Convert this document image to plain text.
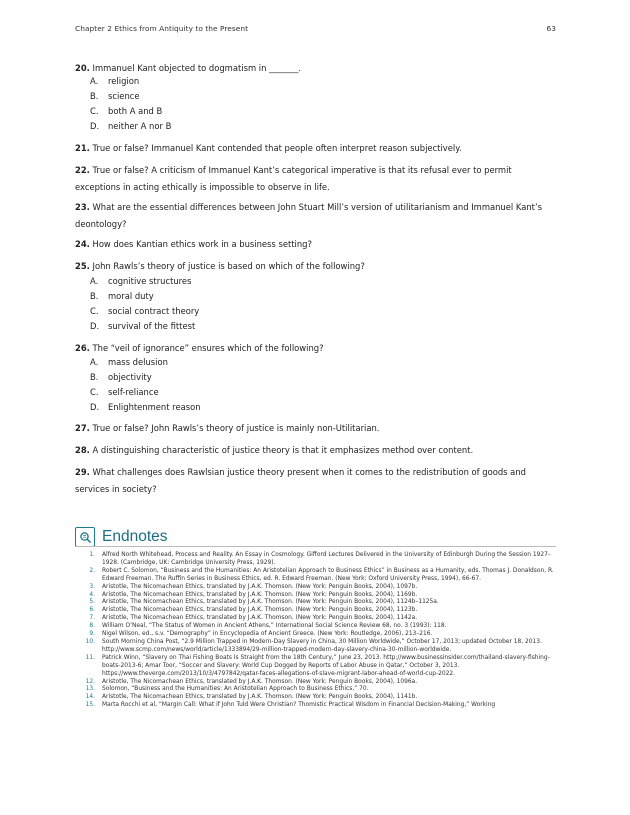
Chapter 2 Ethics from Antiquity to the Present	63
20. Immanuel Kant objected to dogmatism in _______.
A. religion
B. science
C. both A and B
D. neither A nor B
21. True or false? Immanuel Kant contended that people often interpret reason subjectively.
22. True or false? A criticism of Immanuel Kant’s categorical imperative is that its refusal ever to permit exceptions in acting ethically is impossible to observe in life.
23. What are the essential differences between John Stuart Mill’s version of utilitarianism and Immanuel Kant’s deontology?
24. How does Kantian ethics work in a business setting?
25. John Rawls’s theory of justice is based on which of the following?
A. cognitive structures
B. moral duty
C. social contract theory
D. survival of the fittest
26. The “veil of ignorance” ensures which of the following?
A. mass delusion
B. objectivity
C. self-reliance
D. Enlightenment reason
27. True or false? John Rawls’s theory of justice is mainly non-Utilitarian.
28. A distinguishing characteristic of justice theory is that it emphasizes method over content.
29. What challenges does Rawlsian justice theory present when it comes to the redistribution of goods and services in society?
Endnotes
1.	Alfred North Whitehead, Process and Reality. An Essay in Cosmology. Gifford Lectures Delivered in the University of Edinburgh During the Session 1927–1928. (Cambridge, UK: Cambridge University Press, 1929).
2.	Robert C. Solomon, “Business and the Humanities: An Aristotelian Approach to Business Ethics” in Business as a Humanity, eds. Thomas J. Donaldson, R. Edward Freeman. The Ruffin Series in Business Ethics, ed. R. Edward Freeman. (New York: Oxford University Press, 1994), 66-67.
3.	Aristotle, The Nicomachean Ethics, translated by J.A.K. Thomson. (New York: Penguin Books, 2004), 1097b.
4.	Aristotle, The Nicomachean Ethics, translated by J.A.K. Thomson. (New York: Penguin Books, 2004), 1169b.
5.	Aristotle, The Nicomachean Ethics, translated by J.A.K. Thomson. (New York: Penguin Books, 2004), 1124b–1125a.
6.	Aristotle, The Nicomachean Ethics, translated by J.A.K. Thomson. (New York: Penguin Books, 2004), 1123b.
7.	Aristotle, The Nicomachean Ethics, translated by J.A.K. Thomson. (New York: Penguin Books, 2004), 1142a.
8.	William O’Neal, “The Status of Women in Ancient Athens,” International Social Science Review 68, no. 3 (1993): 118.
9.	Nigel Wilson, ed., s.v. “Demography” in Encyclopedia of Ancient Greece. (New York: Routledge, 2006), 213–216.
10.	South Morning China Post, “2.9 Million Trapped in Modern-Day Slavery in China, 30 Million Worldwide,” October 17, 2013; updated October 18, 2013. http://www.scmp.com/news/world/article/1333894/29-million-trapped-modern-day-slavery-china-30-million-worldwide.
11.	Patrick Winn, “Slavery on Thai Fishing Boats Is Straight from the 18th Century,” June 23, 2013. http://www.businessinsider.com/thailand-slavery-fishing-boats-2013-6; Amar Toor, “Soccer and Slavery: World Cup Dogged by Reports of Labor Abuse in Qatar,” October 3, 2013. https://www.theverge.com/2013/10/3/4797842/qatar-faces-allegations-of-slave-migrant-labor-ahead-of-world-cup-2022.
12.	Aristotle, The Nicomachean Ethics, translated by J.A.K. Thomson. (New York: Penguin Books, 2004), 1096a.
13.	Solomon, “Business and the Humanities: An Aristotelian Approach to Business Ethics,” 70.
14.	Aristotle, The Nicomachean Ethics, translated by J.A.K. Thomson. (New York: Penguin Books, 2004), 1141b.
15.	Marta Rocchi et al, “Margin Call: What if John Tuld Were Christian? Thomistic Practical Wisdom in Financial Decision-Making,” Working
